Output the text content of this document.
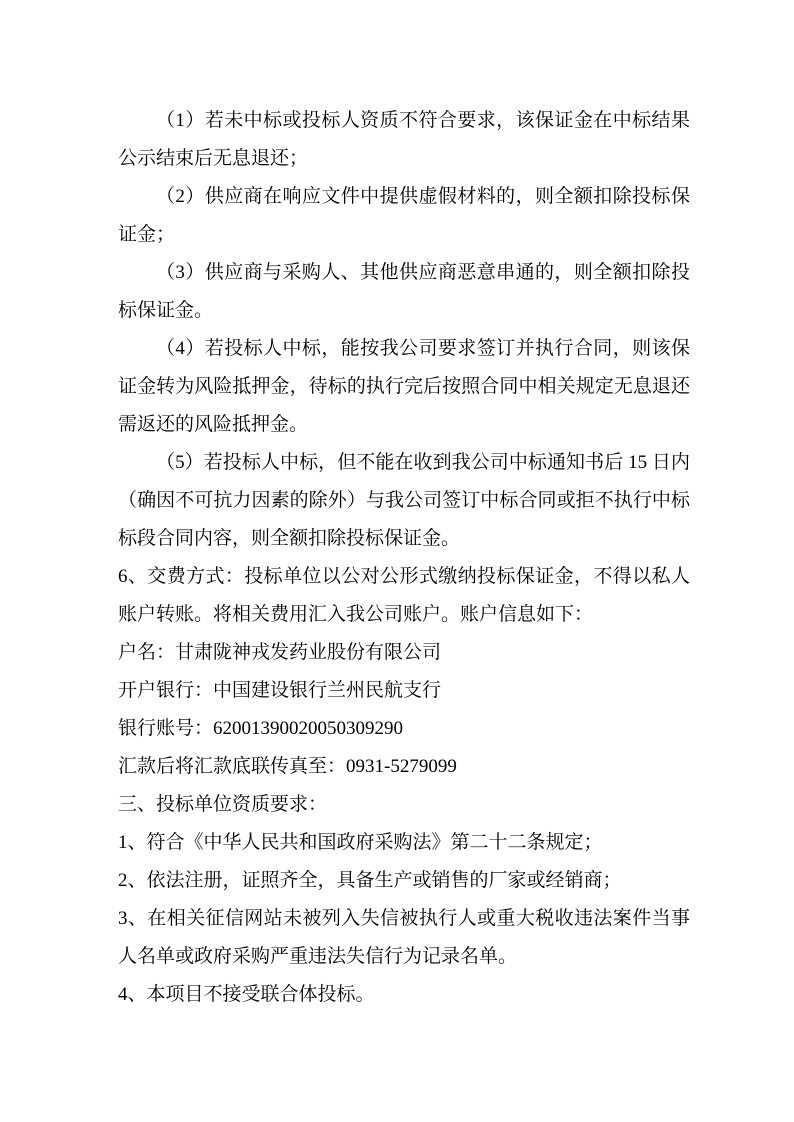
（1）若未中标或投标人资质不符合要求，该保证金在中标结果
公示结束后无息退还；
（2）供应商在响应文件中提供虚假材料的，则全额扣除投标保
证金；
（3）供应商与采购人、其他供应商恶意串通的，则全额扣除投
标保证金。
（4）若投标人中标，能按我公司要求签订并执行合同，则该保
证金转为风险抵押金，待标的执行完后按照合同中相关规定无息退还
需返还的风险抵押金。
（5）若投标人中标，但不能在收到我公司中标通知书后 15 日内
（确因不可抗力因素的除外）与我公司签订中标合同或拒不执行中标
标段合同内容，则全额扣除投标保证金。
6、交费方式：投标单位以公对公形式缴纳投标保证金，不得以私人
账户转账。将相关费用汇入我公司账户。账户信息如下：
户名：甘肃陇神戎发药业股份有限公司
开户银行：中国建设银行兰州民航支行
银行账号：62001390020050309290
汇款后将汇款底联传真至：0931-5279099
三、投标单位资质要求：
1、符合《中华人民共和国政府采购法》第二十二条规定；
2、依法注册，证照齐全，具备生产或销售的厂家或经销商；
3、在相关征信网站未被列入失信被执行人或重大税收违法案件当事
人名单或政府采购严重违法失信行为记录名单。
4、本项目不接受联合体投标。
